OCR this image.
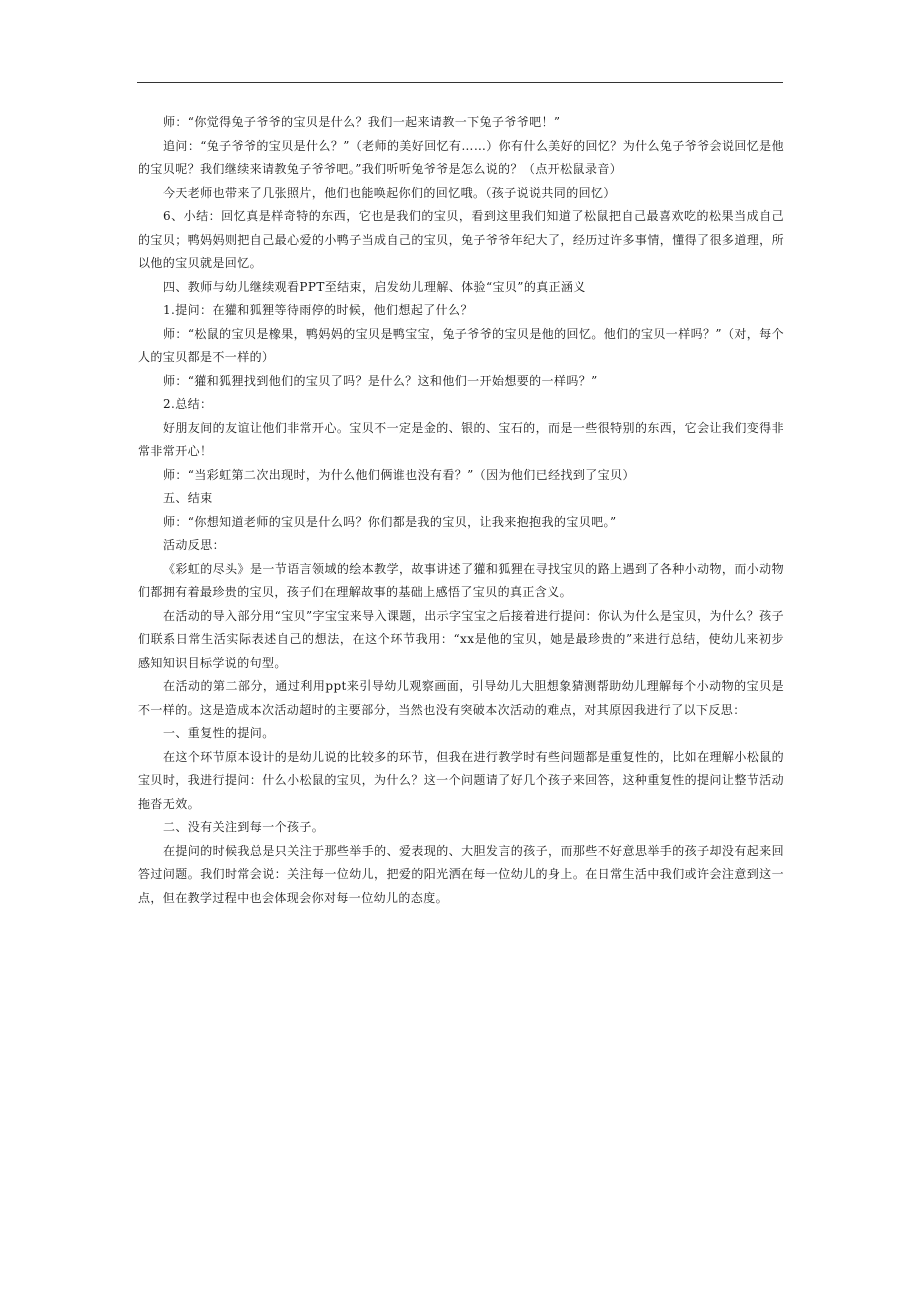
师：“你觉得兔子爷爷的宝贝是什么？我们一起来请教一下兔子爷爷吧！”

追问：“兔子爷爷的宝贝是什么？”（老师的美好回忆有……）你有什么美好的回忆？为什么兔子爷爷会说回忆是他的宝贝呢？我们继续来请教兔子爷爷吧。”我们听听兔爷爷是怎么说的？（点开松鼠录音）

今天老师也带来了几张照片，他们也能唤起你们的回忆哦。（孩子说说共同的回忆）

6、小结：回忆真是样奇特的东西，它也是我们的宝贝，看到这里我们知道了松鼠把自己最喜欢吃的松果当成自己的宝贝；鸭妈妈则把自己最心爱的小鸭子当成自己的宝贝，兔子爷爷年纪大了，经历过许多事情，懂得了很多道理，所以他的宝贝就是回忆。

四、教师与幼儿继续观看PPT至结束，启发幼儿理解、体验“宝贝”的真正涵义

1.提问：在獾和狐狸等待雨停的时候，他们想起了什么？

师：“松鼠的宝贝是橡果，鸭妈妈的宝贝是鸭宝宝，兔子爷爷的宝贝是他的回忆。他们的宝贝一样吗？”（对，每个人的宝贝都是不一样的）

师：“獾和狐狸找到他们的宝贝了吗？是什么？这和他们一开始想要的一样吗？”

2.总结：

好朋友间的友谊让他们非常开心。宝贝不一定是金的、银的、宝石的，而是一些很特别的东西，它会让我们变得非常非常开心！

师：“当彩虹第二次出现时，为什么他们俩谁也没有看？”（因为他们已经找到了宝贝）

五、结束

师：“你想知道老师的宝贝是什么吗？你们都是我的宝贝，让我来抱抱我的宝贝吧。”

活动反思：

《彩虹的尽头》是一节语言领域的绘本教学，故事讲述了獾和狐狸在寻找宝贝的路上遇到了各种小动物，而小动物们都拥有着最珍贵的宝贝，孩子们在理解故事的基础上感悟了宝贝的真正含义。

在活动的导入部分用“宝贝”字宝宝来导入课题，出示字宝宝之后接着进行提问：你认为什么是宝贝，为什么？孩子们联系日常生活实际表述自己的想法，在这个环节我用：“xx是他的宝贝，她是最珍贵的”来进行总结，使幼儿来初步感知知识目标学说的句型。

在活动的第二部分，通过利用ppt来引导幼儿观察画面，引导幼儿大胆想象猜测帮助幼儿理解每个小动物的宝贝是不一样的。这是造成本次活动超时的主要部分，当然也没有突破本次活动的难点，对其原因我进行了以下反思：

一、重复性的提问。

在这个环节原本设计的是幼儿说的比较多的环节，但我在进行教学时有些问题都是重复性的，比如在理解小松鼠的宝贝时，我进行提问：什么小松鼠的宝贝，为什么？这一个问题请了好几个孩子来回答，这种重复性的提问让整节活动拖沓无效。

二、没有关注到每一个孩子。

在提问的时候我总是只关注于那些举手的、爱表现的、大胆发言的孩子，而那些不好意思举手的孩子却没有起来回答过问题。我们时常会说：关注每一位幼儿，把爱的阳光洒在每一位幼儿的身上。在日常生活中我们或许会注意到这一点，但在教学过程中也会体现会你对每一位幼儿的态度。
